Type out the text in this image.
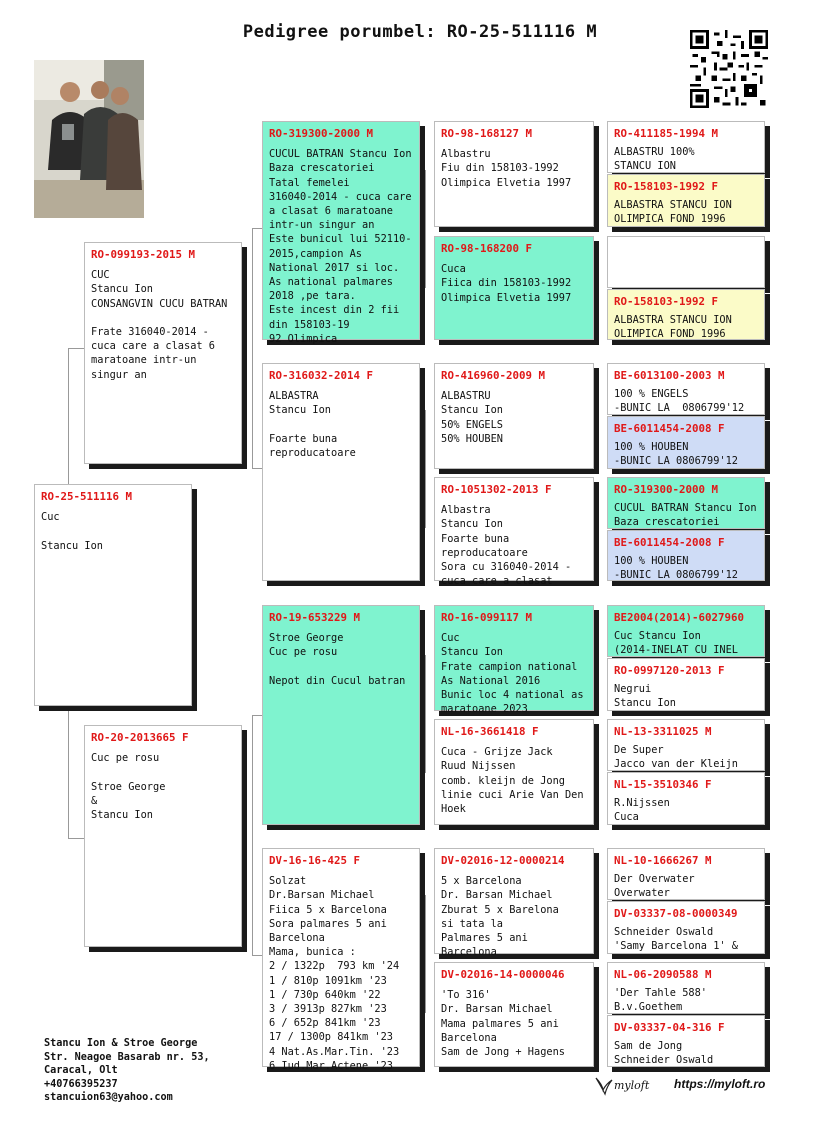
Pedigree porumbel: RO-25-511116 M
RO-25-511116 M
Cuc

Stancu Ion
RO-099193-2015 M
CUC
Stancu Ion
CONSANGVIN CUCU BATRAN

Frate 316040-2014 - cuca care a clasat 6 maratoane intr-un singur an
RO-20-2013665 F
Cuc pe rosu

Stroe George
&
Stancu Ion
RO-319300-2000 M
CUCUL BATRAN Stancu Ion
Baza crescatoriei
Tatal femelei
316040-2014 - cuca care a clasat 6 maratoane intr-un singur an
Este bunicul lui 52110-2015,campion As National 2017 si loc. As national palmares 2018 ,pe tara.
Este incest din 2 fii din 158103-19
92 Olimpica
RO-316032-2014 F
ALBASTRA
Stancu Ion

Foarte buna reproducatoare
RO-19-653229 M
Stroe George
Cuc pe rosu

Nepot din Cucul batran
DV-16-16-425 F
Solzat
Dr.Barsan Michael
Fiica 5 x Barcelona
Sora palmares 5 ani Barcelona
Mama, bunica :
2 / 1322p  793 km '24
1 / 810p 1091km '23
1 / 730p 640km '22
3 / 3913p 827km '23
6 / 652p 841km '23
17 / 1300p 841km '23
4 Nat.As.Mar.Tin. '23
6 Iud.Mar.Actene '23
RO-98-168127 M
Albastru
Fiu din 158103-1992
Olimpica Elvetia 1997
RO-98-168200 F
Cuca
Fiica din 158103-1992
Olimpica Elvetia 1997
RO-416960-2009 M
ALBASTRU
Stancu Ion
50% ENGELS
50% HOUBEN
RO-1051302-2013 F
Albastra
Stancu Ion
Foarte buna reproducatoare
Sora cu 316040-2014 - cuca care a clasat
RO-16-099117 M
Cuc
Stancu Ion
Frate campion national As National 2016
Bunic loc 4 national as maratoane 2023
NL-16-3661418 F
Cuca - Grijze Jack
Ruud Nijssen
comb. kleijn de Jong linie cuci Arie Van Den Hoek
DV-02016-12-0000214
5 x Barcelona
Dr. Barsan Michael
Zburat 5 x Barelona
si tata la
Palmares 5 ani Barcelona
DV-02016-14-0000046
'To 316'
Dr. Barsan Michael
Mama palmares 5 ani Barcelona
Sam de Jong + Hagens
RO-411185-1994 M
ALBASTRU 100%
STANCU ION
RO-158103-1992 F
ALBASTRA STANCU ION
OLIMPICA FOND 1996
RO-158103-1992 F
ALBASTRA STANCU ION
OLIMPICA FOND 1996
BE-6013100-2003 M
100 % ENGELS
-BUNIC LA  0806799'12
BE-6011454-2008 F
100 % HOUBEN
-BUNIC LA 0806799'12
RO-319300-2000 M
CUCUL BATRAN Stancu Ion
Baza crescatoriei
BE-6011454-2008 F
100 % HOUBEN
-BUNIC LA 0806799'12
BE2004(2014)-6027960
Cuc Stancu Ion
(2014-INELAT CU INEL
RO-0997120-2013 F
Negrui
Stancu Ion
NL-13-3311025 M
De Super
Jacco van der Kleijn
NL-15-3510346 F
R.Nijssen
Cuca
NL-10-1666267 M
Der Overwater
Overwater
DV-03337-08-0000349
Schneider Oswald
'Samy Barcelona 1' &
NL-06-2090588 M
'Der Tahle 588'
B.v.Goethem
DV-03337-04-316 F
Sam de Jong
Schneider Oswald
Stancu Ion & Stroe George
Str. Neagoe Basarab nr. 53,
Caracal, Olt
+40766395237
stancuion63@yahoo.com
myloft https://myloft.ro
